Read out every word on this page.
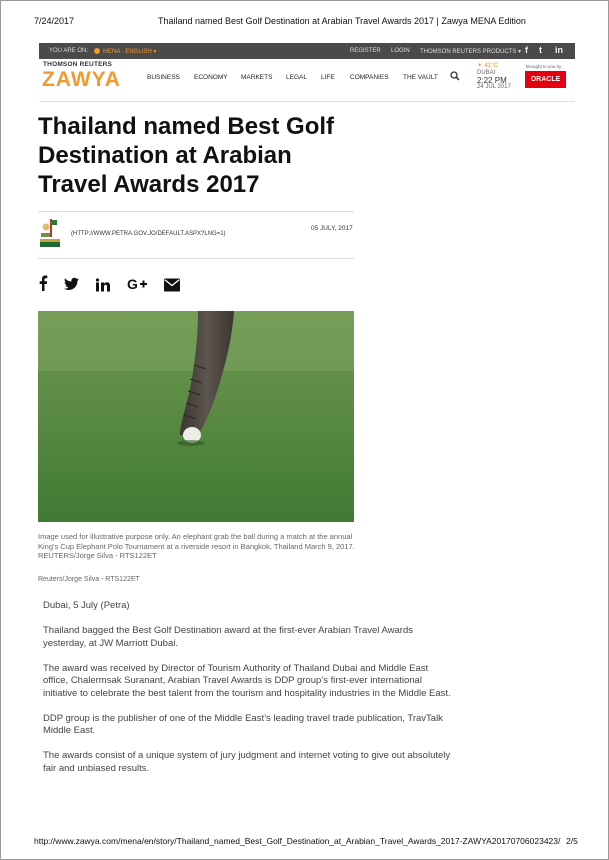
7/24/2017	Thailand named Best Golf Destination at Arabian Travel Awards 2017 | Zawya MENA Edition
YOU ARE ON:	MENA - ENGLISH ▾	REGISTER LOGIN THOMSON REUTERS PRODUCTS ▾ f t in
THOMSON REUTERS
ZAWYA	BUSINESS ECONOMY MARKETS LEGAL LIFE COMPANIES THE VAULT
☀ 41°C
DUBAI
2:22 PM
24 JUL 2017
Brought to you by
ORACLE
Thailand named Best Golf Destination at Arabian Travel Awards 2017
(HTTP://WWW.PETRA.GOV.JO/DEFAULT.ASPX?LNG=1)
05 JULY, 2017
G
Image used for illustrative purpose only. An elephant grab the ball during a match at the annual King's Cup Elephant Polo Tournament at a riverside resort in Bangkok, Thailand March 9, 2017. REUTERS/Jorge Silva - RTS122ET
Reuters/Jorge Silva - RTS122ET

Dubai, 5 July (Petra)

Thailand bagged the Best Golf Destination award at the first-ever Arabian Travel Awards yesterday, at JW Marriott Dubai.

The award was received by Director of Tourism Authority of Thailand Dubai and Middle East office, Chalermsak Suranant, Arabian Travel Awards is DDP group’s first-ever international initiative to celebrate the best talent from the tourism and hospitality industries in the Middle East.

DDP group is the publisher of one of the Middle East’s leading travel trade publication, TravTalk Middle East.

The awards consist of a unique system of jury judgment and internet voting to give out absolutely fair and unbiased results.

http://www.zawya.com/mena/en/story/Thailand_named_Best_Golf_Destination_at_Arabian_Travel_Awards_2017-ZAWYA20170706023423/ 2/5
